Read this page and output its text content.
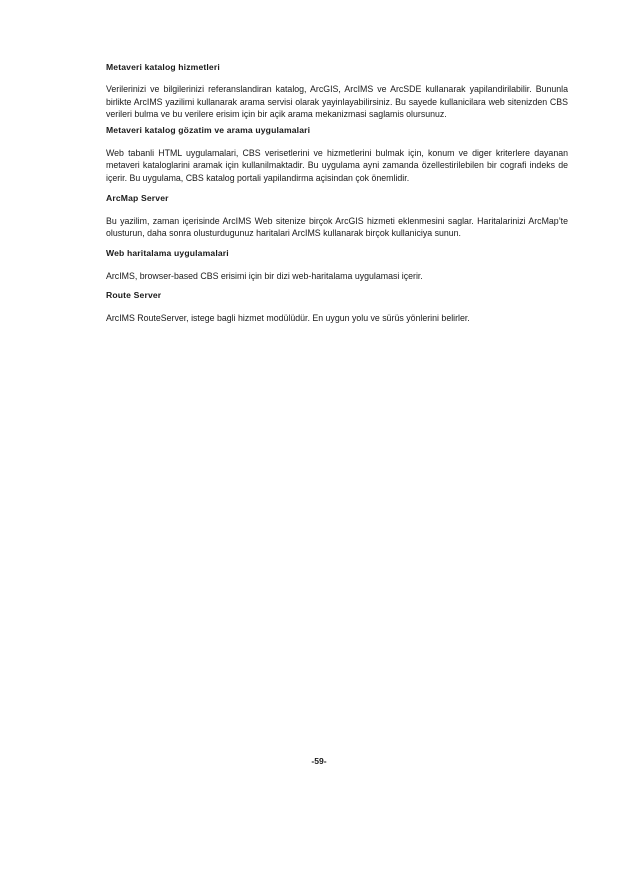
Metaveri katalog hizmetleri

Verilerinizi ve bilgilerinizi referanslandiran katalog, ArcGIS, ArcIMS ve ArcSDE kullanarak yapilandirilabilir. Bununla birlikte ArcIMS yazilimi kullanarak arama servisi olarak yayinlayabilirsiniz. Bu sayede kullanicilara web sitenizden CBS verileri bulma ve bu verilere erisim için bir açik arama mekanizmasi saglamis olursunuz.

Metaveri katalog gözatim ve arama uygulamalari

Web tabanli HTML uygulamalari, CBS verisetlerini ve hizmetlerini bulmak için, konum ve diger kriterlere dayanan metaveri kataloglarini aramak için kullanilmaktadir. Bu uygulama ayni zamanda özellestirilebilen bir cografi indeks de içerir. Bu uygulama, CBS katalog portali yapilandirma açisindan çok önemlidir.

ArcMap Server

Bu yazilim, zaman içerisinde ArcIMS Web sitenize birçok ArcGIS hizmeti eklenmesini saglar. Haritalarinizi ArcMap’te olusturun, daha sonra olusturdugunuz haritalari ArcIMS kullanarak birçok kullaniciya sunun.

Web haritalama uygulamalari

ArcIMS, browser-based CBS erisimi için bir dizi web-haritalama uygulamasi içerir.

Route Server

ArcIMS RouteServer, istege bagli hizmet modülüdür. En uygun yolu ve sürüs yönlerini belirler.

-59-
